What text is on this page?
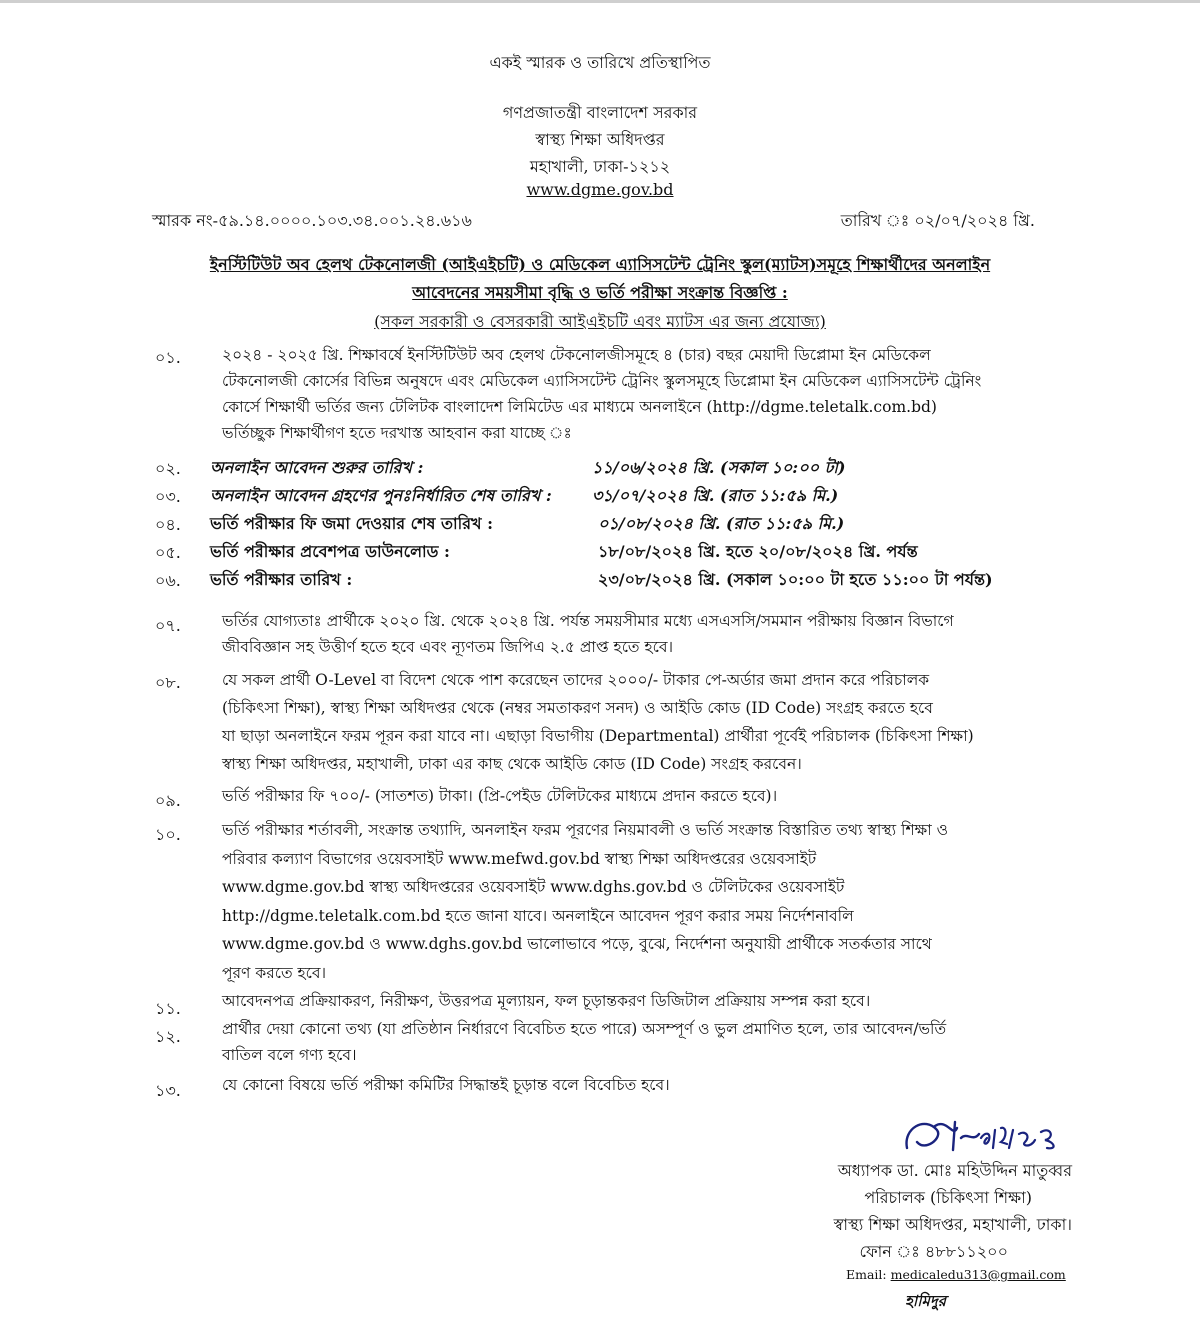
একই স্মারক ও তারিখে প্রতিস্থাপিত
গণপ্রজাতন্ত্রী বাংলাদেশ সরকার
স্বাস্থ্য শিক্ষা অধিদপ্তর
মহাখালী, ঢাকা-১২১২
www.dgme.gov.bd
স্মারক নং-৫৯.১৪.০০০০.১০৩.৩৪.০০১.২৪.৬১৬	তারিখ ঃ ০২/০৭/২০২৪ খ্রি.
ইনস্টিটিউট অব হেলথ টেকনোলজী (আইএইচটি) ও মেডিকেল এ্যাসিসটেন্ট ট্রেনিং স্কুল(ম্যাটস)সমূহে শিক্ষার্থীদের অনলাইন
আবেদনের সময়সীমা বৃদ্ধি ও ভর্তি পরীক্ষা সংক্রান্ত বিজ্ঞপ্তি :
(সকল সরকারী ও বেসরকারী আইএইচটি এবং ম্যাটস এর জন্য প্রযোজ্য)
০১.	২০২৪ - ২০২৫ খ্রি. শিক্ষাবর্ষে ইনস্টিটিউট অব হেলথ টেকনোলজীসমূহে ৪ (চার) বছর মেয়াদী ডিপ্লোমা ইন মেডিকেল
টেকনোলজী কোর্সের বিভিন্ন অনুষদে এবং মেডিকেল এ্যাসিসটেন্ট ট্রেনিং স্কুলসমূহে ডিপ্লোমা ইন মেডিকেল এ্যাসিসটেন্ট ট্রেনিং
কোর্সে শিক্ষার্থী ভর্তির জন্য টেলিটক বাংলাদেশ লিমিটেড এর মাধ্যমে অনলাইনে (http://dgme.teletalk.com.bd)
ভর্তিচ্ছুক শিক্ষার্থীগণ হতে দরখাস্ত আহবান করা যাচ্ছে ঃ
০২. অনলাইন আবেদন শুরুর তারিখ :	১১/০৬/২০২৪ খ্রি. (সকাল ১০:০০ টা)
০৩. অনলাইন আবেদন গ্রহণের পুনঃনির্ধারিত শেষ তারিখ :	৩১/০৭/২০২৪ খ্রি. (রাত ১১:৫৯ মি.)
০৪. ভর্তি পরীক্ষার ফি জমা দেওয়ার শেষ তারিখ :	০১/০৮/২০২৪ খ্রি. (রাত ১১:৫৯ মি.)
০৫. ভর্তি পরীক্ষার প্রবেশপত্র ডাউনলোড :	১৮/০৮/২০২৪ খ্রি. হতে ২০/০৮/২০২৪ খ্রি. পর্যন্ত
০৬. ভর্তি পরীক্ষার তারিখ :	২৩/০৮/২০২৪ খ্রি. (সকাল ১০:০০ টা হতে ১১:০০ টা পর্যন্ত)
০৭.	ভর্তির যোগ্যতাঃ প্রার্থীকে ২০২০ খ্রি. থেকে ২০২৪ খ্রি. পর্যন্ত সময়সীমার মধ্যে এসএসসি/সমমান পরীক্ষায় বিজ্ঞান বিভাগে
জীববিজ্ঞান সহ উত্তীর্ণ হতে হবে এবং ন্যূণতম জিপিএ ২.৫ প্রাপ্ত হতে হবে।
০৮.	যে সকল প্রার্থী O-Level বা বিদেশ থেকে পাশ করেছেন তাদের ২০০০/- টাকার পে-অর্ডার জমা প্রদান করে পরিচালক
(চিকিৎসা শিক্ষা), স্বাস্থ্য শিক্ষা অধিদপ্তর থেকে (নম্বর সমতাকরণ সনদ) ও আইডি কোড (ID Code) সংগ্রহ করতে হবে
যা ছাড়া অনলাইনে ফরম পূরন করা যাবে না। এছাড়া বিভাগীয় (Departmental) প্রার্থীরা পূর্বেই পরিচালক (চিকিৎসা শিক্ষা)
স্বাস্থ্য শিক্ষা অধিদপ্তর, মহাখালী, ঢাকা এর কাছ থেকে আইডি কোড (ID Code) সংগ্রহ করবেন।
০৯.	ভর্তি পরীক্ষার ফি ৭০০/- (সাতশত) টাকা। (প্রি-পেইড টেলিটকের মাধ্যমে প্রদান করতে হবে)।
১০.	ভর্তি পরীক্ষার শর্তাবলী, সংক্রান্ত তথ্যাদি, অনলাইন ফরম পূরণের নিয়মাবলী ও ভর্তি সংক্রান্ত বিস্তারিত তথ্য স্বাস্থ্য শিক্ষা ও
পরিবার কল্যাণ বিভাগের ওয়েবসাইট www.mefwd.gov.bd স্বাস্থ্য শিক্ষা অধিদপ্তরের ওয়েবসাইট
www.dgme.gov.bd স্বাস্থ্য অধিদপ্তরের ওয়েবসাইট www.dghs.gov.bd ও টেলিটকের ওয়েবসাইট
http://dgme.teletalk.com.bd হতে জানা যাবে। অনলাইনে আবেদন পূরণ করার সময় নির্দেশনাবলি
www.dgme.gov.bd ও www.dghs.gov.bd ভালোভাবে পড়ে, বুঝে, নির্দেশনা অনুযায়ী প্রার্থীকে সতর্কতার সাথে
পূরণ করতে হবে।
১১.	আবেদনপত্র প্রক্রিয়াকরণ, নিরীক্ষণ, উত্তরপত্র মূল্যায়ন, ফল চূড়ান্তকরণ ডিজিটাল প্রক্রিয়ায় সম্পন্ন করা হবে।
১২.	প্রার্থীর দেয়া কোনো তথ্য (যা প্রতিষ্ঠান নির্ধারণে বিবেচিত হতে পারে) অসম্পূর্ণ ও ভুল প্রমাণিত হলে, তার আবেদন/ভর্তি
বাতিল বলে গণ্য হবে।
১৩.	যে কোনো বিষয়ে ভর্তি পরীক্ষা কমিটির সিদ্ধান্তই চূড়ান্ত বলে বিবেচিত হবে।
অধ্যাপক ডা. মোঃ মহিউদ্দিন মাতুব্বর
পরিচালক (চিকিৎসা শিক্ষা)
স্বাস্থ্য শিক্ষা অধিদপ্তর, মহাখালী, ঢাকা।
ফোন ঃ ৪৮৮১১২০০
Email: medicaledu313@gmail.com
হামিদুর
